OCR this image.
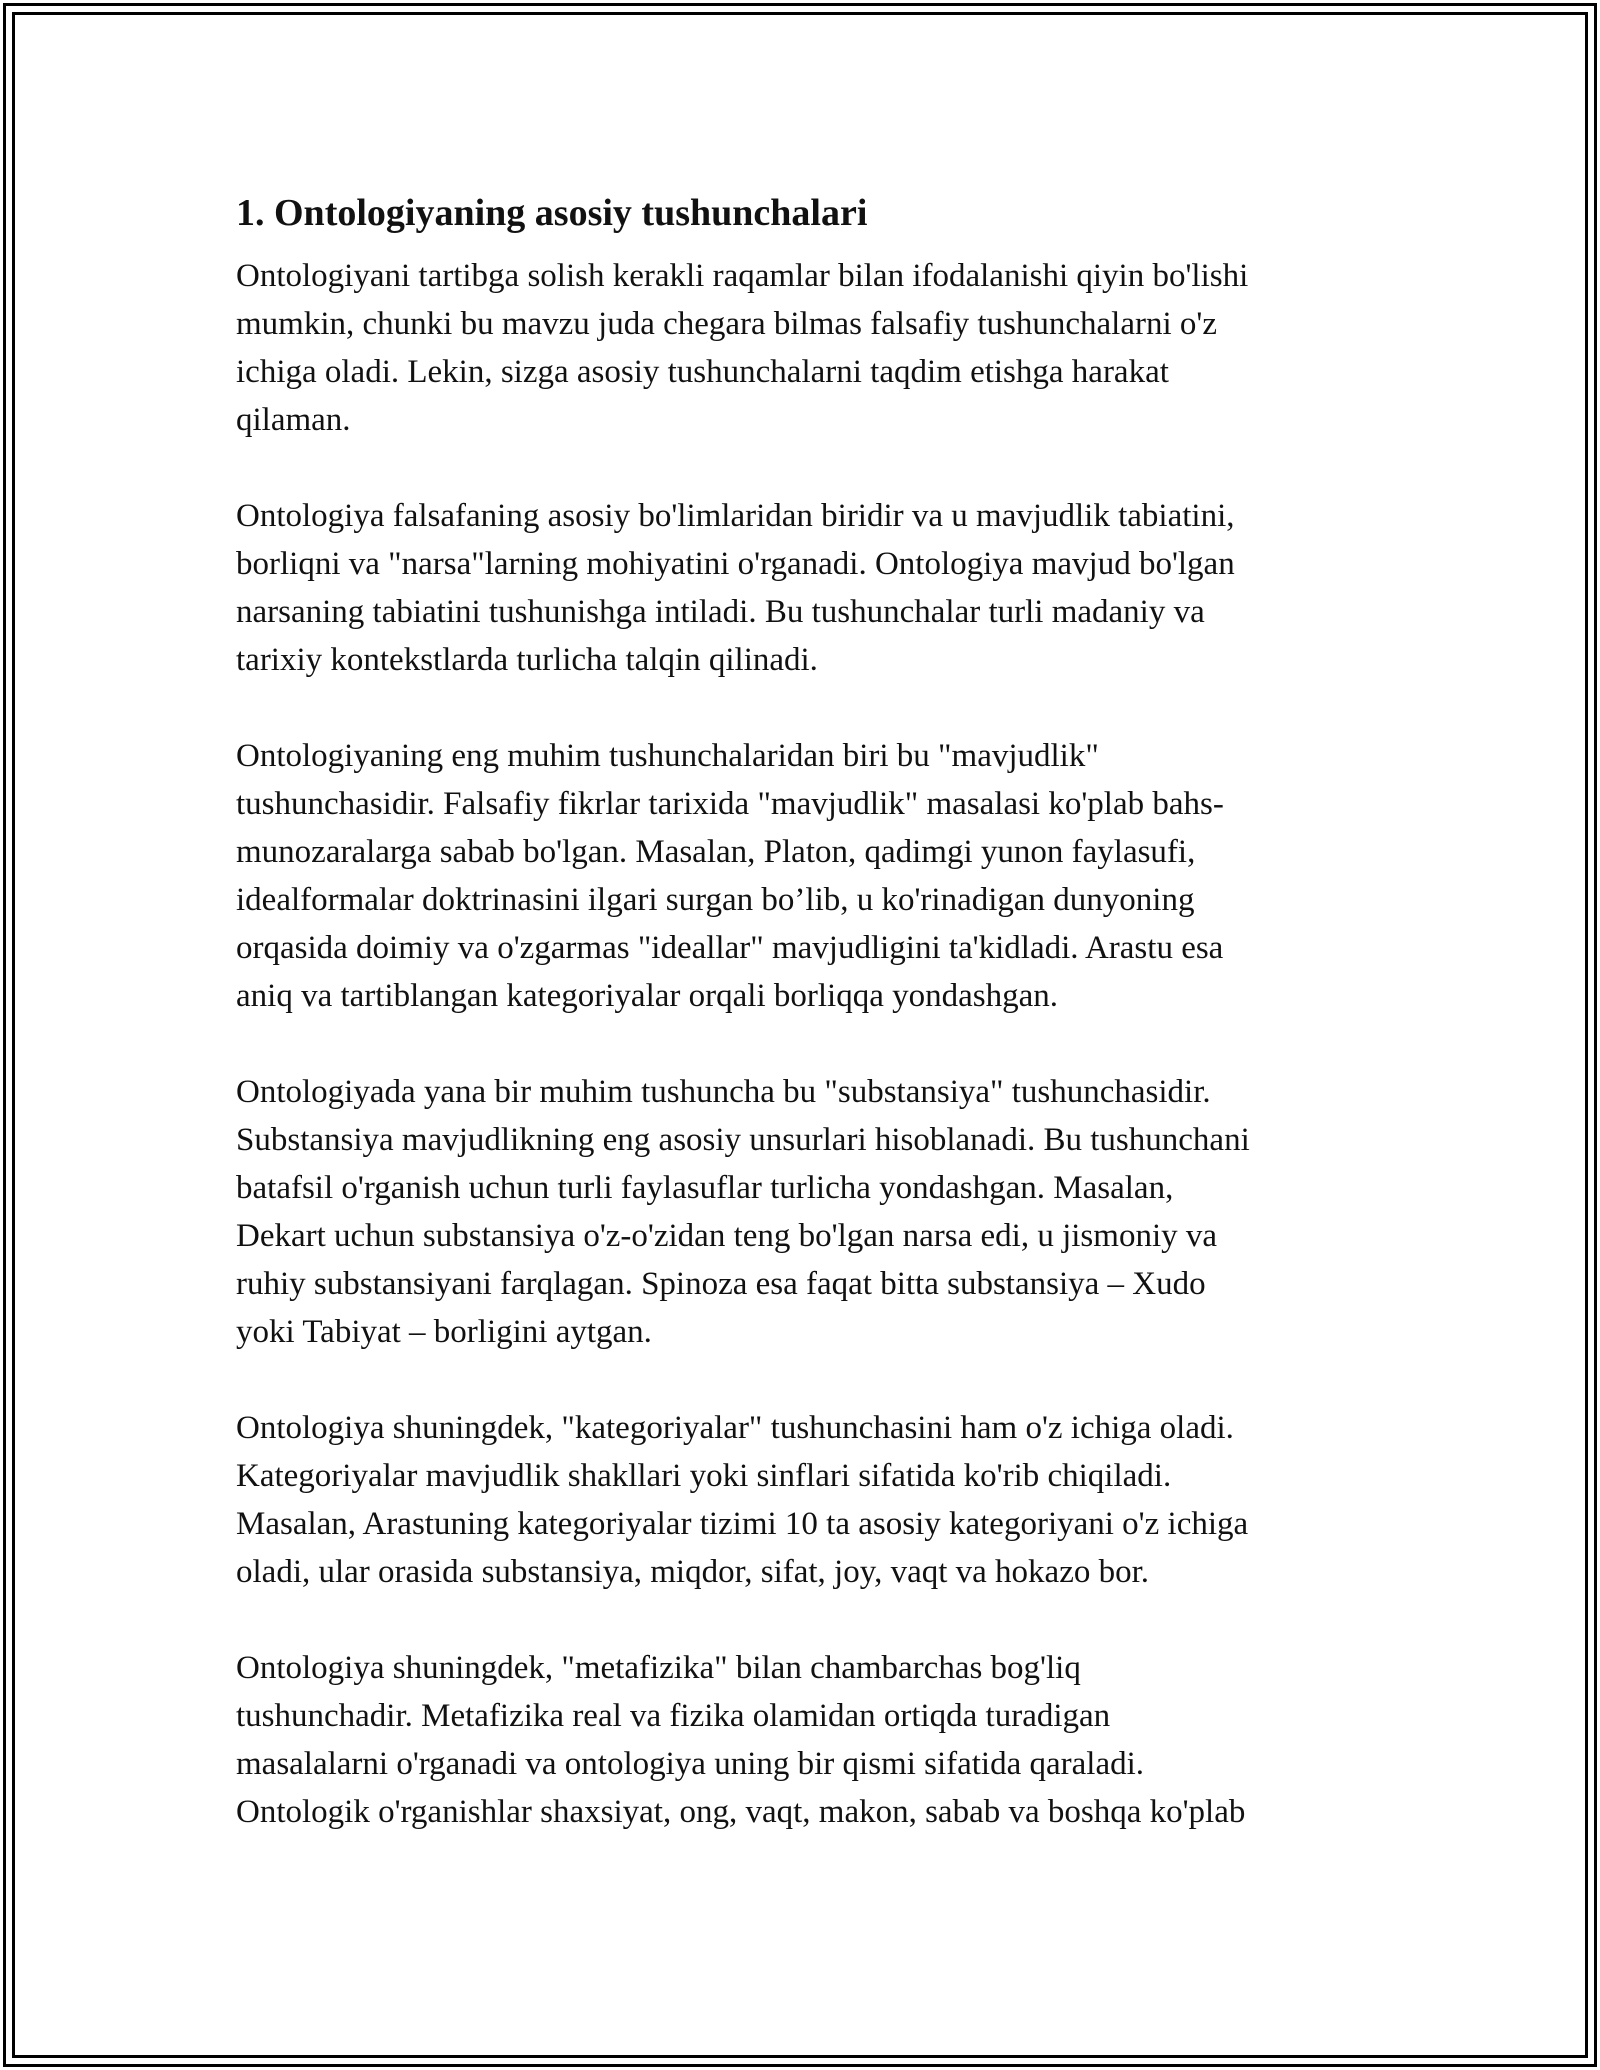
1. Ontologiyaning asosiy tushunchalari

Ontologiyani tartibga solish kerakli raqamlar bilan ifodalanishi qiyin bo'lishi
mumkin, chunki bu mavzu juda chegara bilmas falsafiy tushunchalarni o'z
ichiga oladi. Lekin, sizga asosiy tushunchalarni taqdim etishga harakat
qilaman.

Ontologiya falsafaning asosiy bo'limlaridan biridir va u mavjudlik tabiatini,
borliqni va "narsa"larning mohiyatini o'rganadi. Ontologiya mavjud bo'lgan
narsaning tabiatini tushunishga intiladi. Bu tushunchalar turli madaniy va
tarixiy kontekstlarda turlicha talqin qilinadi.

Ontologiyaning eng muhim tushunchalaridan biri bu "mavjudlik"
tushunchasidir. Falsafiy fikrlar tarixida "mavjudlik" masalasi ko'plab bahs-
munozaralarga sabab bo'lgan. Masalan, Platon, qadimgi yunon faylasufi,
idealformalar doktrinasini ilgari surgan bo’lib, u ko'rinadigan dunyoning
orqasida doimiy va o'zgarmas "ideallar" mavjudligini ta'kidladi. Arastu esa
aniq va tartiblangan kategoriyalar orqali borliqqa yondashgan.

Ontologiyada yana bir muhim tushuncha bu "substansiya" tushunchasidir.
Substansiya mavjudlikning eng asosiy unsurlari hisoblanadi. Bu tushunchani
batafsil o'rganish uchun turli faylasuflar turlicha yondashgan. Masalan,
Dekart uchun substansiya o'z-o'zidan teng bo'lgan narsa edi, u jismoniy va
ruhiy substansiyani farqlagan. Spinoza esa faqat bitta substansiya – Xudo
yoki Tabiyat – borligini aytgan.

Ontologiya shuningdek, "kategoriyalar" tushunchasini ham o'z ichiga oladi.
Kategoriyalar mavjudlik shakllari yoki sinflari sifatida ko'rib chiqiladi.
Masalan, Arastuning kategoriyalar tizimi 10 ta asosiy kategoriyani o'z ichiga
oladi, ular orasida substansiya, miqdor, sifat, joy, vaqt va hokazo bor.

Ontologiya shuningdek, "metafizika" bilan chambarchas bog'liq
tushunchadir. Metafizika real va fizika olamidan ortiqda turadigan
masalalarni o'rganadi va ontologiya uning bir qismi sifatida qaraladi.
Ontologik o'rganishlar shaxsiyat, ong, vaqt, makon, sabab va boshqa ko'plab
